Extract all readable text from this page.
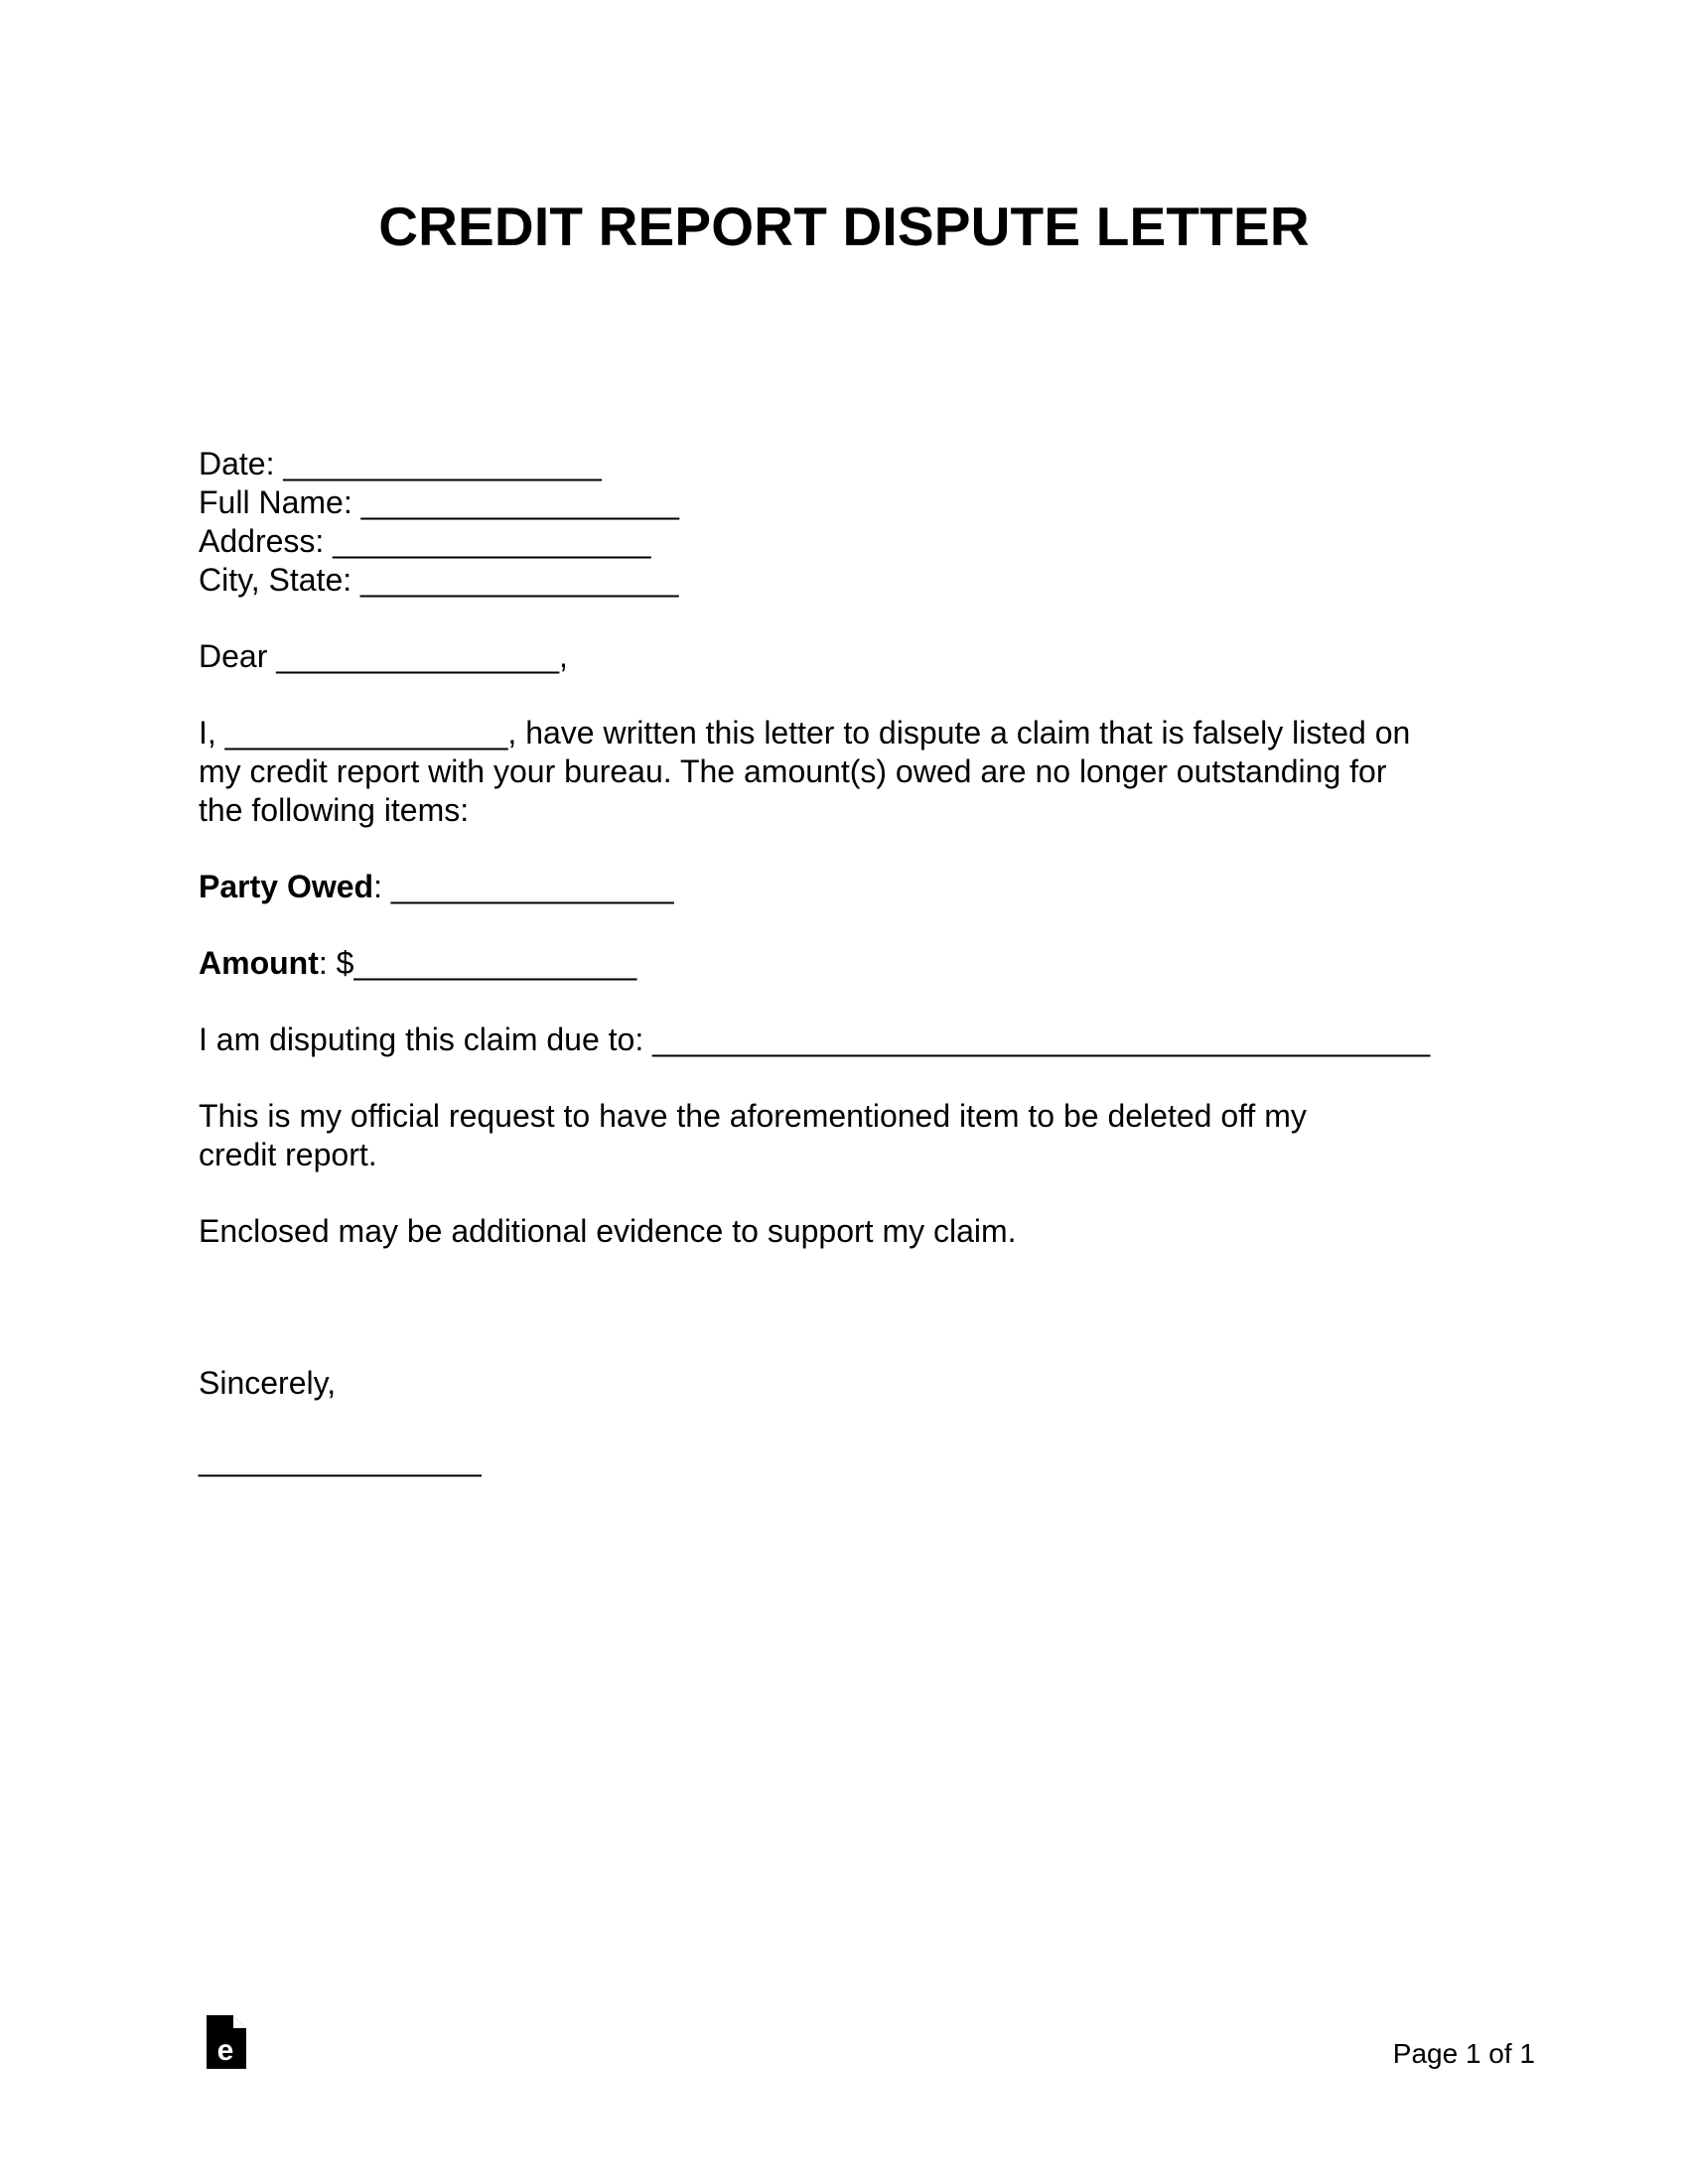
CREDIT REPORT DISPUTE LETTER
Date: __________________
Full Name: __________________
Address: __________________
City, State: __________________
Dear ________________,
I, ________________, have written this letter to dispute a claim that is falsely listed on
my credit report with your bureau. The amount(s) owed are no longer outstanding for
the following items:
Party Owed: ________________
Amount: $________________
I am disputing this claim due to: ____________________________________________
This is my official request to have the aforementioned item to be deleted off my
credit report.
Enclosed may be additional evidence to support my claim.
Sincerely,
________________
e	Page 1 of 1
